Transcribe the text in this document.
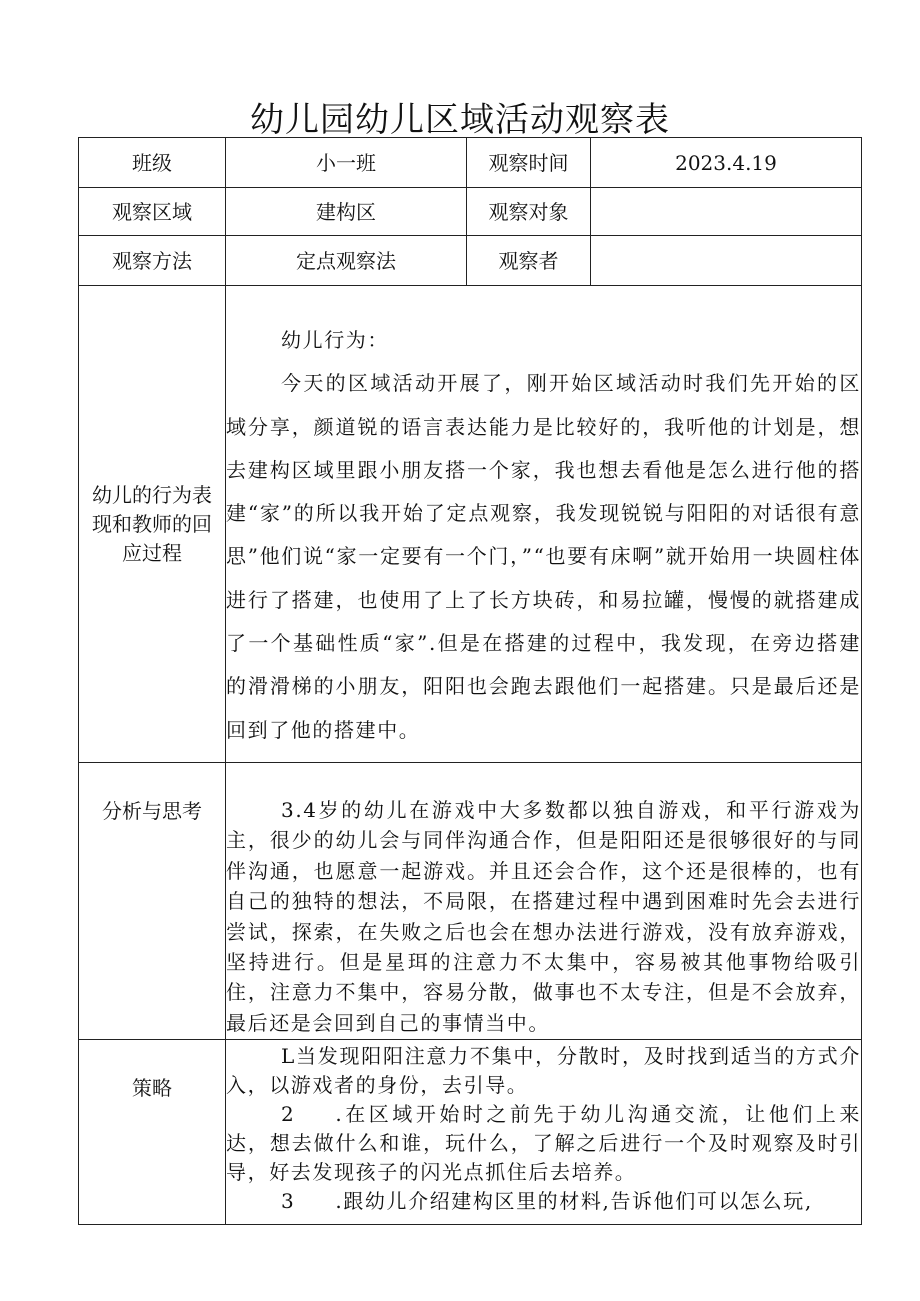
幼儿园幼儿区域活动观察表
班级	小一班	观察时间	2023.4.19
观察区域	建构区	观察对象	
观察方法	定点观察法	观察者	
幼儿的行为表现和教师的回应过程	幼儿行为：

今天的区域活动开展了，刚开始区域活动时我们先开始的区域分享，颜道锐的语言表达能力是比较好的，我听他的计划是，想去建构区域里跟小朋友搭一个家，我也想去看他是怎么进行他的搭建“家”的所以我开始了定点观察，我发现锐锐与阳阳的对话很有意思”他们说“家一定要有一个门，”“也要有床啊”就开始用一块圆柱体进行了搭建，也使用了上了长方块砖，和易拉罐，慢慢的就搭建成了一个基础性质“家”.但是在搭建的过程中，我发现，在旁边搭建的滑滑梯的小朋友，阳阳也会跑去跟他们一起搭建。只是最后还是回到了他的搭建中。		

分析与思考	3.4岁的幼儿在游戏中大多数都以独自游戏，和平行游戏为主，很少的幼儿会与同伴沟通合作，但是阳阳还是很够很好的与同伴沟通，也愿意一起游戏。并且还会合作，这个还是很棒的，也有自己的独特的想法，不局限，在搭建过程中遇到困难时先会去进行尝试，探索，在失败之后也会在想办法进行游戏，没有放弃游戏，坚持进行。但是星珥的注意力不太集中，容易被其他事物给吸引住，注意力不集中，容易分散，做事也不太专注，但是不会放弃，最后还是会回到自己的事情当中。		

策略	L当发现阳阳注意力不集中，分散时，及时找到适当的方式介入，以游戏者的身份，去引导。

2 .在区域开始时之前先于幼儿沟通交流，让他们上来达，想去做什么和谁，玩什么，了解之后进行一个及时观察及时引导，好去发现孩子的闪光点抓住后去培养。

3 .跟幼儿介绍建构区里的材料,告诉他们可以怎么玩,		
